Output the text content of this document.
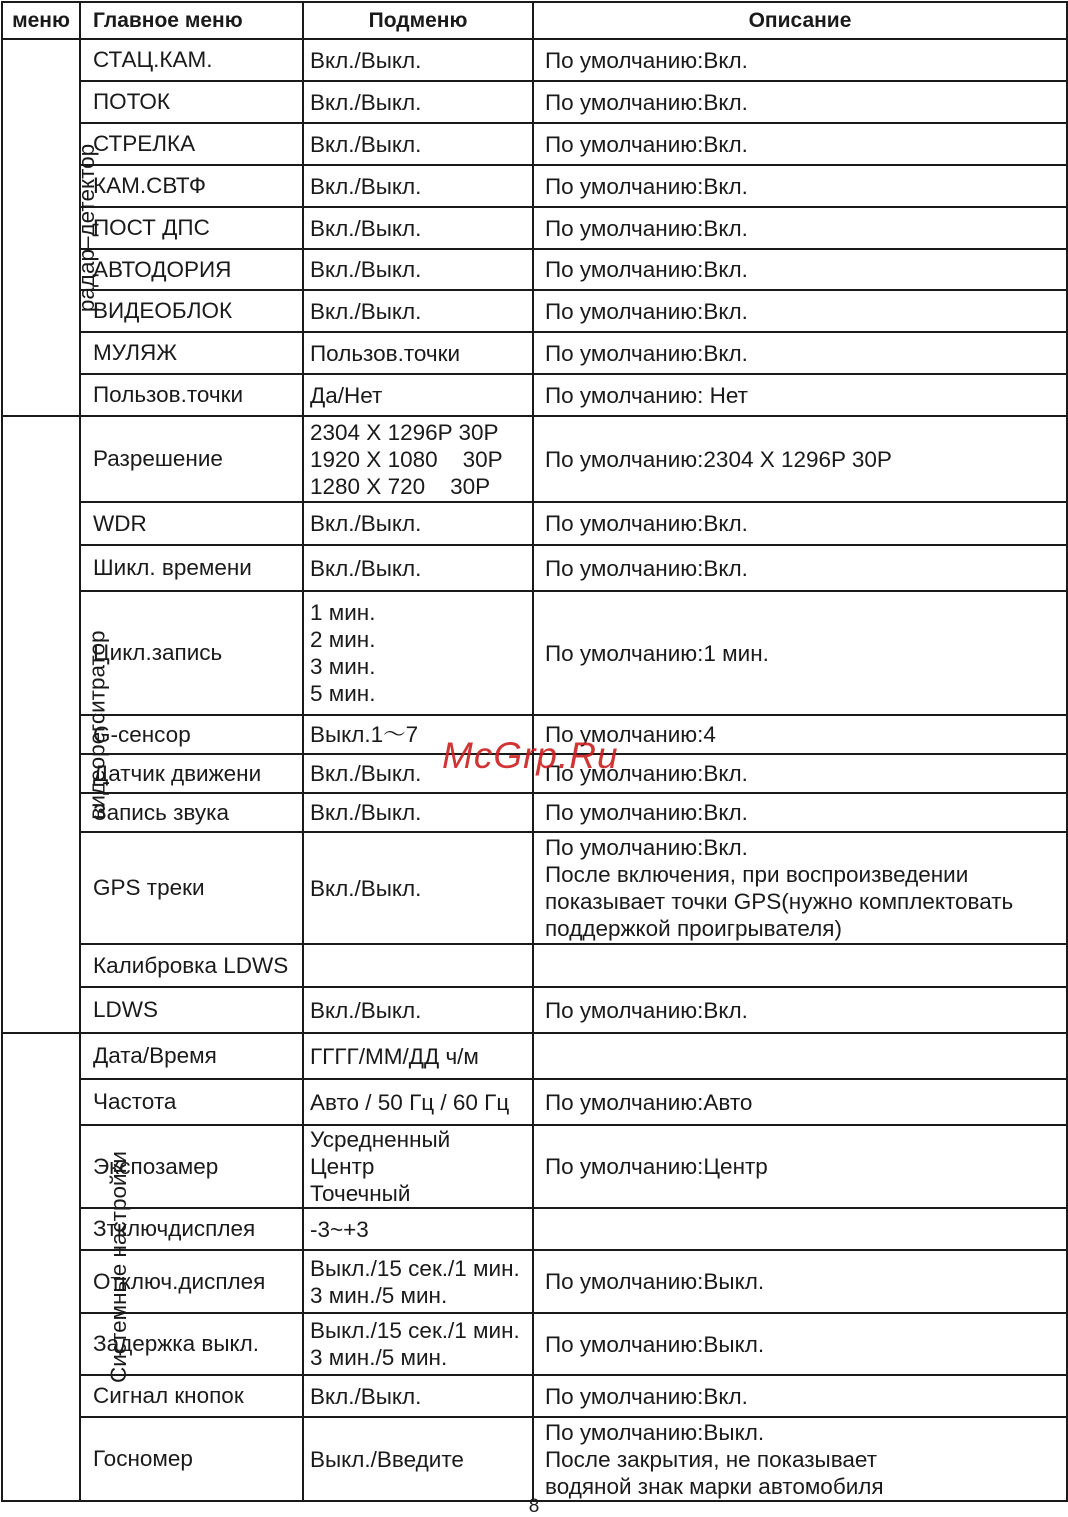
меню	Главное меню	Подменю	Описание
радар–детектор	СТАЦ.КАМ.	Вкл./Выкл.	По умолчанию:Вкл.

	ПОТОК	Вкл./Выкл.	По умолчанию:Вкл.

	СТРЕЛКА	Вкл./Выкл.	По умолчанию:Вкл.

	КАМ.СВТФ	Вкл./Выкл.	По умолчанию:Вкл.

	ПОСТ ДПС	Вкл./Выкл.	По умолчанию:Вкл.

	АВТОДОРИЯ	Вкл./Выкл.	По умолчанию:Вкл.

	ВИДЕОБЛОК	Вкл./Выкл.	По умолчанию:Вкл.

	МУЛЯЖ	Пользов.точки	По умолчанию:Вкл.

	Пользов.точки	Да/Нет	По умолчанию: Нет

видеорегситратор	Разрешение	2304 X 1296P 30P
1920 X 1080    30P
1280 X 720    30P	По умолчанию:2304 X 1296P 30P

	WDR	Вкл./Выкл.	По умолчанию:Вкл.

	Шикл. времени	Вкл./Выкл.	По умолчанию:Вкл.

	Цикл.запись	1 мин.
2 мин.
3 мин.
5 мин.	По умолчанию:1 мин.

	G-сенсор	Выкл.1～7	По умолчанию:4

	Датчик движени	Вкл./Выкл.	По умолчанию:Вкл.

	Запись звука	Вкл./Выкл.	По умолчанию:Вкл.

	GPS треки	Вкл./Выкл.	По умолчанию:Вкл.
После включения, при воспроизведении
показывает точки GPS(нужно комплектовать
поддержкой проигрывателя)

	Калибровка LDWS	

	LDWS	Вкл./Выкл.	По умолчанию:Вкл.

Системные настройки	Дата/Время	ГГГГ/ММ/ДД ч/м	

	Частота	Авто / 50 Гц / 60 Гц	По умолчанию:Авто

	Экспозамер	Усредненный
Центр
Точечный	По умолчанию:Центр

	Зтключдисплея	-3~+3	

	Отключ.дисплея	Выкл./15 сек./1 мин.
3 мин./5 мин.	По умолчанию:Выкл.

	Задержка выкл.	Выкл./15 сек./1 мин.
3 мин./5 мин.	По умолчанию:Выкл.

	Сигнал кнопок	Вкл./Выкл.	По умолчанию:Вкл.

	Госномер	Выкл./Введите	По умолчанию:Выкл.
После закрытия, не показывает
водяной знак марки автомобиля
McGrp.Ru
8
